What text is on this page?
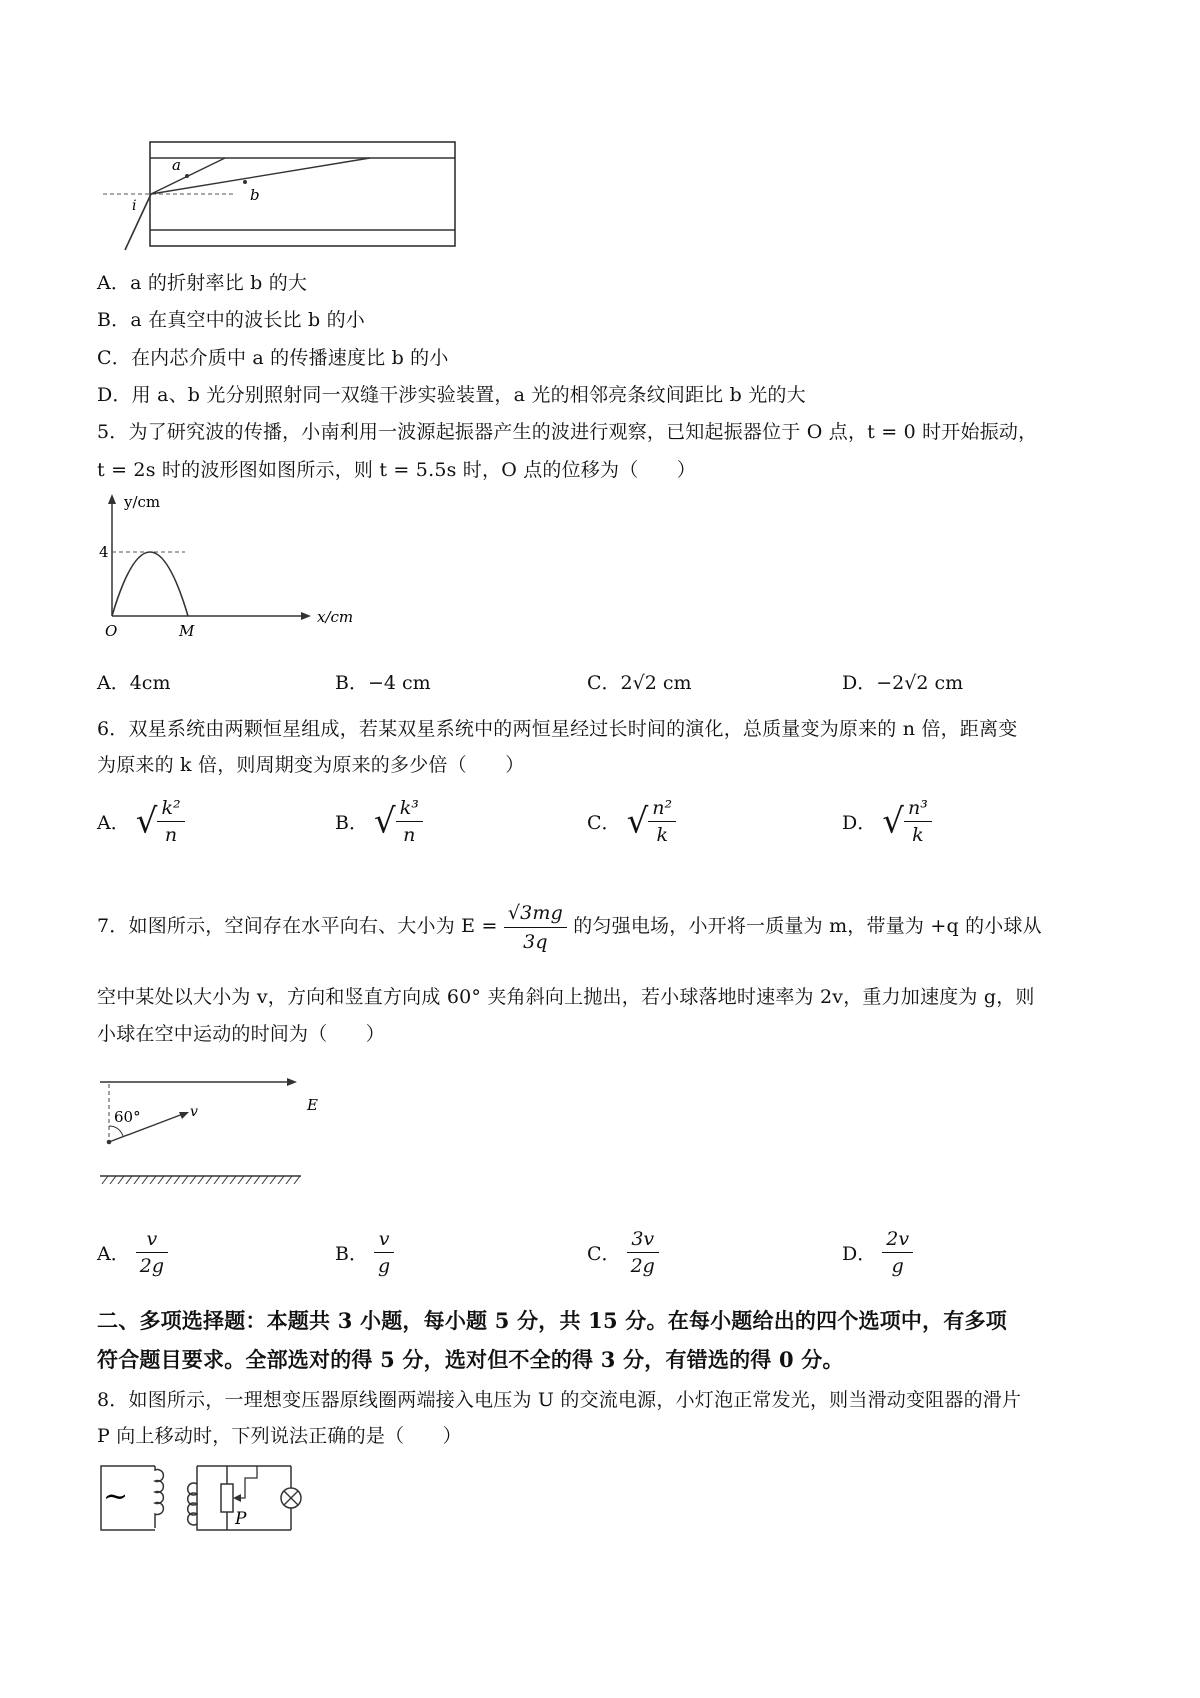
a
b
i
A．a 的折射率比 b 的大
B．a 在真空中的波长比 b 的小
C．在内芯介质中 a 的传播速度比 b 的小
D．用 a、b 光分别照射同一双缝干涉实验装置，a 光的相邻亮条纹间距比 b 光的大
5．为了研究波的传播，小南利用一波源起振器产生的波进行观察，已知起振器位于 O 点，t = 0 时开始振动，
t = 2s 时的波形图如图所示，则 t = 5.5s 时，O 点的位移为（　　）
y/cm
4
O	M
x/cm
A．4cm	B．−4 cm	C．2√2 cm	D．−2√2 cm
6．双星系统由两颗恒星组成，若某双星系统中的两恒星经过长时间的演化，总质量变为原来的 n 倍，距离变
为原来的 k 倍，则周期变为原来的多少倍（　　）
A． √ $\frac{\text{k²}}{n}$	B． √ $\frac{\text{k³}}{n}$	C． √ $\frac{\text{n²}}{k}$	D． √ $\frac{\text{n³}}{k}$
7．如图所示，空间存在水平向右、大小为 $E = \frac{√3mg}{3q}$ 的匀强电场，小开将一质量为 m，带量为 +q 的小球从
空中某处以大小为 v，方向和竖直方向成 60° 夹角斜向上抛出，若小球落地时速率为 2v，重力加速度为 g，则
小球在空中运动的时间为（　　）
60°	v	E
A． $\frac{v}{2g}$	B． $\frac{v}{g}$	C． $\frac{3v}{2g}$	D． $\frac{2v}{g}$
二、多项选择题：本题共 3 小题，每小题 5 分，共 15 分。在每小题给出的四个选项中，有多项
符合题目要求。全部选对的得 5 分，选对但不全的得 3 分，有错选的得 0 分。
8．如图所示，一理想变压器原线圈两端接入电压为 U 的交流电源，小灯泡正常发光，则当滑动变阻器的滑片
P 向上移动时，下列说法正确的是（　　）
~
P
